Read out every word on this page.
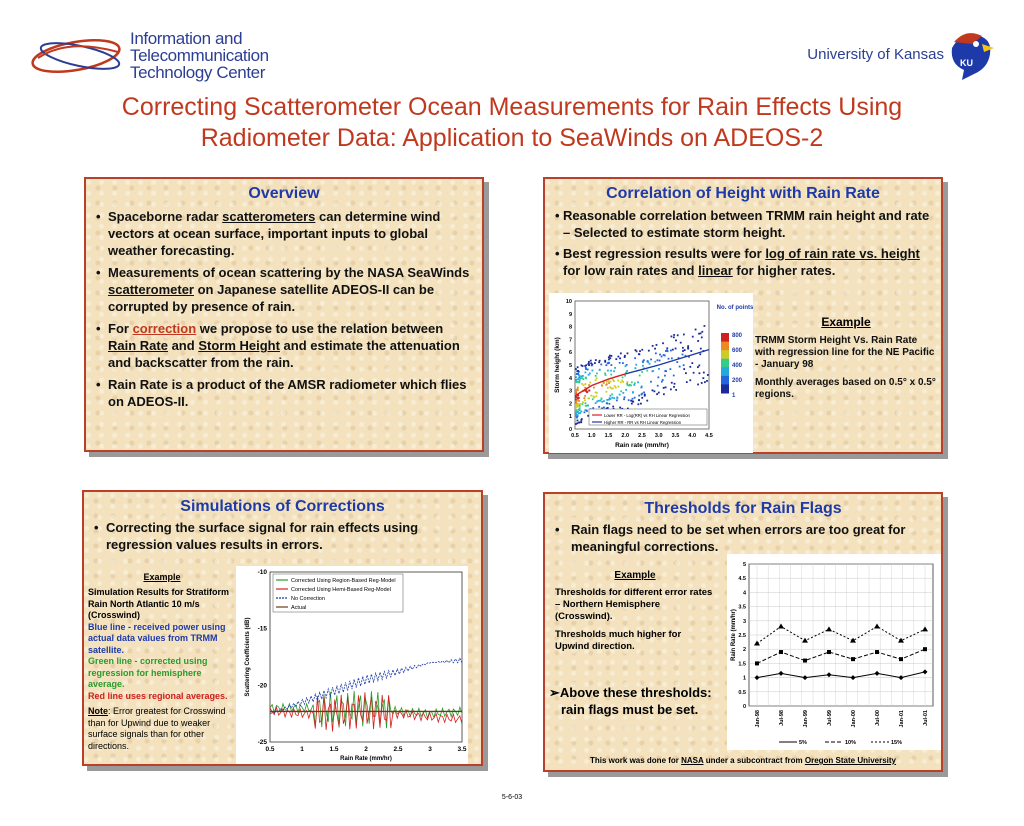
Information and
Telecommunication
Technology Center
University of Kansas KU
Correcting Scatterometer Ocean Measurements for Rain Effects Using
Radiometer Data: Application to SeaWinds on ADEOS-2
Overview
• Spaceborne radar scatterometers can determine wind vectors at ocean surface, important inputs to global weather forecasting.
• Measurements of ocean scattering by the NASA SeaWinds scatterometer on Japanese satellite ADEOS-II can be corrupted by presence of rain.
• For correction we propose to use the relation between Rain Rate and Storm Height and estimate the attenuation and backscatter from the rain.
• Rain Rate is a product of the AMSR radiometer which flies on ADEOS-II.
Correlation of Height with Rain Rate
• Reasonable correlation between TRMM rain height and rate – Selected to estimate storm height.
• Best regression results were for log of rain rate vs. height for low rain rates and linear for higher rates.
0.5 1.0 1.5 2.0 2.5 3.0 3.5 4.0 4.5
0
1
2
3
4
5
6
7
8
9
10
Rain rate (mm/hr)
Storm height (km)
Lower RR - Log(RR) vs RH Linear Regression
Higher RR - RR vs RH Linear Regression
No. of points
800
600
400
200
1
Example
TRMM Storm Height Vs. Rain Rate with regression line for the NE Pacific - January 98
Monthly averages based on 0.5° x 0.5° regions.
Simulations of Corrections
• Correcting the surface signal for rain effects using regression values results in errors.
Example
Simulation Results for Stratiform Rain North Atlantic 10 m/s (Crosswind)
Blue line - received power using actual data values from TRMM satellite.
Green line - corrected using regression for hemisphere average.
Red line uses regional averages.
Note: Error greatest for Crosswind than for Upwind due to weaker surface signals than for other directions.	0.5	1	1.5	2	2.5	3	3.5
-10
-15
-20
-25
Rain Rate (mm/hr)
Scattering Coefficients (dB)
Corrected Using Region-Based Reg-Model
Corrected Using Hemi-Based Reg-Model
No Correction
Actual
Thresholds for Rain Flags
• Rain flags need to be set when errors are too great for meaningful corrections.
Example
Thresholds for different error rates – Northern Hemisphere (Crosswind).
Thresholds much higher for Upwind direction.
➢Above these thresholds:
rain flags must be set.	0
0.5
1
1.5
2
2.5
3
3.5
4
4.5
5
Jan-98	Jul-98	Jan-99	Jul-99	Jan-00	Jul-00	Jan-01	Jul-01
Rain Rate (mm/hr)
5%	10%	15%
This work was done for NASA under a subcontract from Oregon State University
5-6-03
